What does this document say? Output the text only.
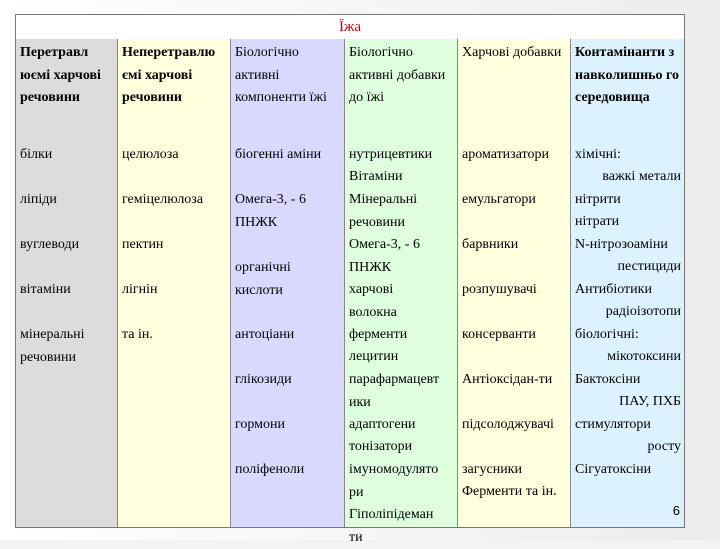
Їжа
Перетравл юємі харчові речовини
білки
ліпіди
вуглеводи
вітаміни
мінеральні речовини
Неперетравлю ємі харчові речовини
целюлоза
геміцелюлоза
пектин
лігнін
та ін.
Біологічно активні компоненти їжі
біогенні аміни
Омега-3, - 6 ПНЖК
органічні кислоти
антоціани
глікозиди
гормони
поліфеноли
Біологічно активні добавки до їжі
нутрицевтики
Вітаміни
Мінеральні речовини
Омега-3, - 6 ПНЖК
харчові волокна
ферменти
лецитин
парафармацевт ики
адаптогени
тонізатори
імуномодулято ри
Гіполіпідеман ти
Харчові добавки
ароматизатори
емульгатори
барвники
розпушувачі
консерванти
Антіоксідан-ти
підсолоджувачі
загусники
Ферменти та ін.
Контамінанти з навколишньо го середовища
хімічні:
важкі метали
нітрити
нітрати
N-нітрозоаміни
пестициди
Антибіотики
радіоізотопи
біологічні:
мікотоксини
Бактоксіни
ПАУ, ПХБ
стимулятори
росту
Сігуатоксіни
6
